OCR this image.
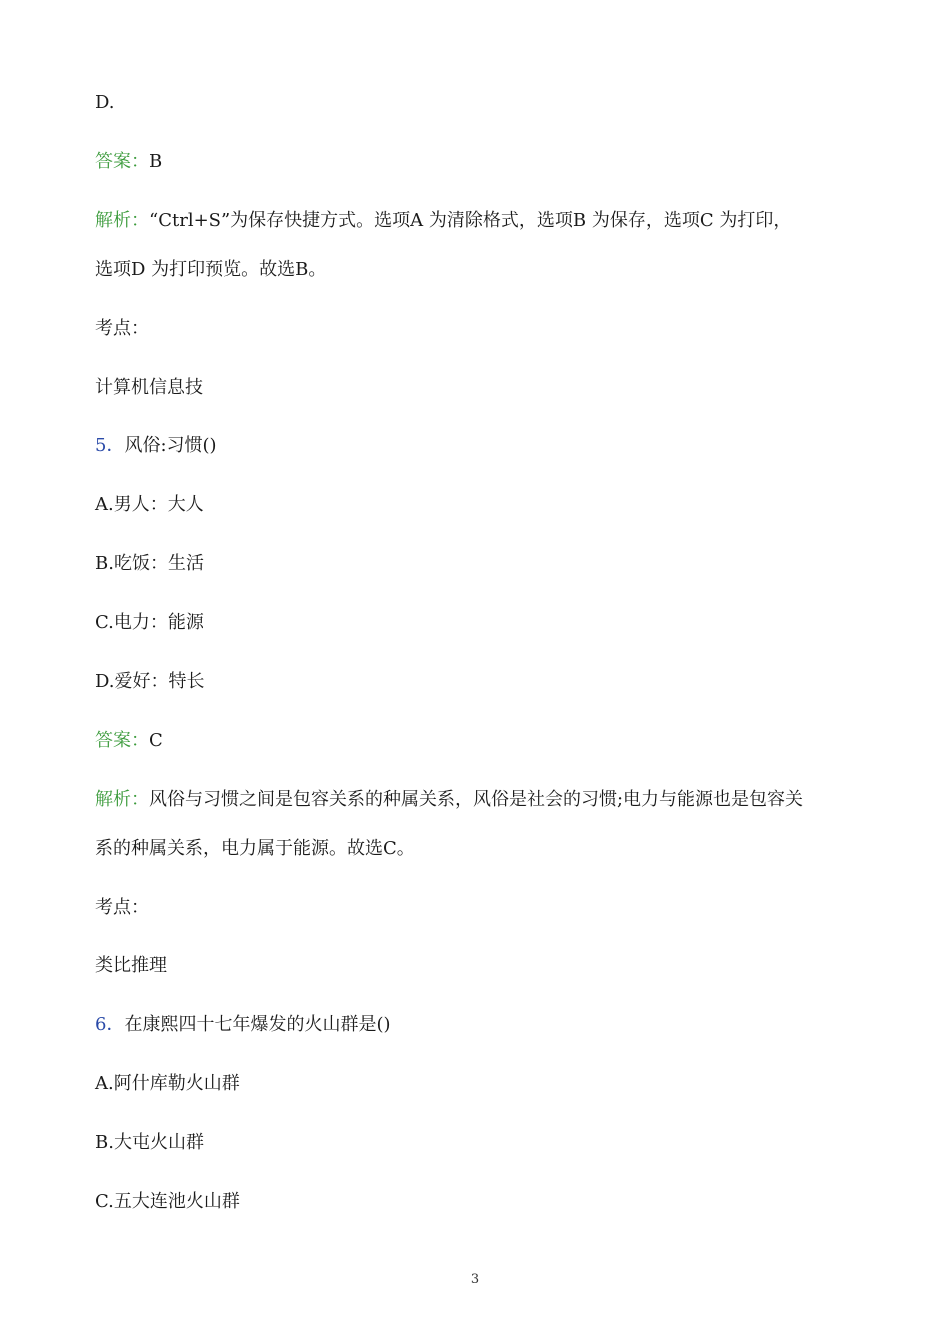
D.
答案：B
解析：“Ctrl+S”为保存快捷方式。选项A 为清除格式，选项B 为保存，选项C 为打印，
选项D 为打印预览。故选B。
考点：
计算机信息技
5．风俗:习惯()
A.男人：大人
B.吃饭：生活
C.电力：能源
D.爱好：特长
答案：C
解析：风俗与习惯之间是包容关系的种属关系，风俗是社会的习惯;电力与能源也是包容关
系的种属关系，电力属于能源。故选C。
考点：
类比推理
6．在康熙四十七年爆发的火山群是()
A.阿什库勒火山群
B.大屯火山群
C.五大连池火山群
3
